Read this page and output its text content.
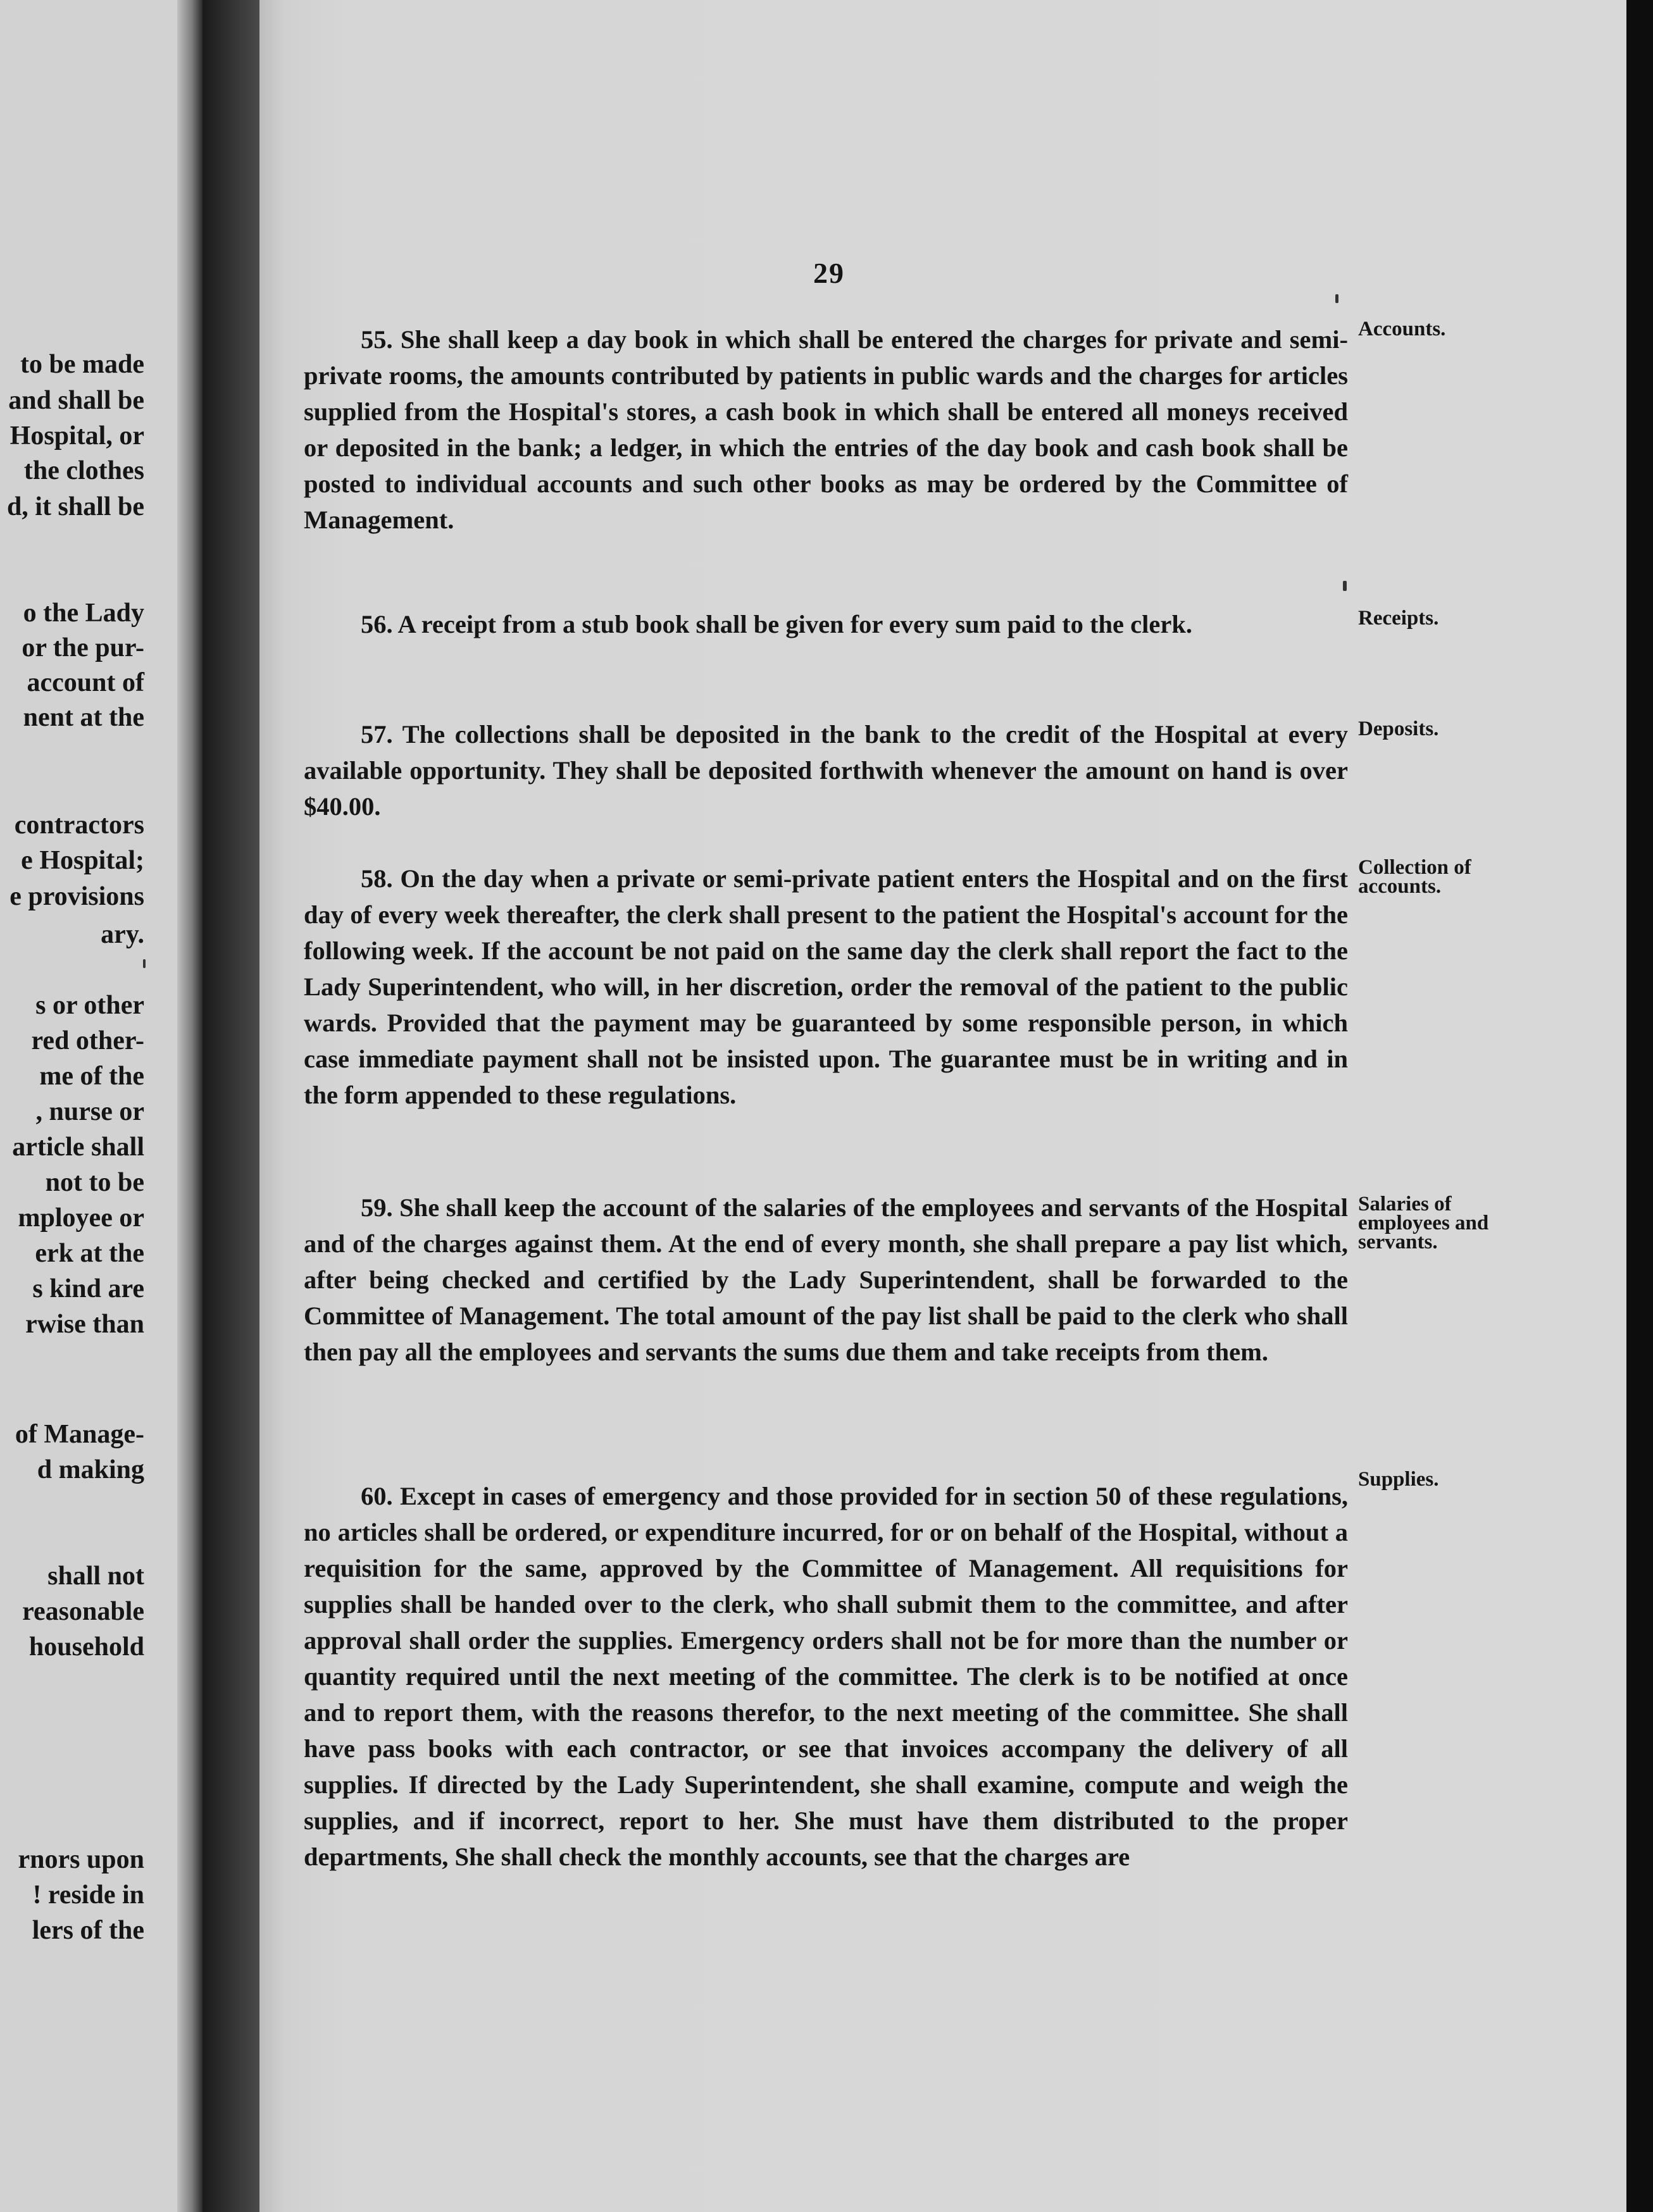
to be made
and shall be
Hospital, or
the clothes
d, it shall be
o the Lady
or the pur-
account of
nent at the
contractors
e Hospital;
e provisions
ary.
s or other
red other-
me of the
, nurse or
article shall
not to be
mployee or
erk at the
s kind are
rwise than
of Manage-
d making
shall not
reasonable
household
rnors upon
! reside in
lers of the
29
55. She shall keep a day book in which shall be entered the charges for private and semi-private rooms, the amounts contributed by patients in public wards and the charges for articles supplied from the Hospital's stores, a cash book in which shall be entered all moneys received or deposited in the bank; a ledger, in which the entries of the day book and cash book shall be posted to individual accounts and such other books as may be ordered by the Committee of Management.
Accounts.
56. A receipt from a stub book shall be given for every sum paid to the clerk.	Receipts.
57. The collections shall be deposited in the bank to the credit of the Hospital at every available opportunity. They shall be deposited forthwith whenever the amount on hand is over $40.00.
Deposits.
58. On the day when a private or semi-private patient enters the Hospital and on the first day of every week thereafter, the clerk shall present to the patient the Hospital's account for the following week. If the account be not paid on the same day the clerk shall report the fact to the Lady Superintendent, who will, in her discretion, order the removal of the patient to the public wards. Provided that the payment may be guaranteed by some responsible person, in which case immediate payment shall not be insisted upon. The guarantee must be in writing and in the form appended to these regulations.
Collection of accounts.
59. She shall keep the account of the salaries of the employees and servants of the Hospital and of the charges against them. At the end of every month, she shall prepare a pay list which, after being checked and certified by the Lady Superintendent, shall be forwarded to the Committee of Management. The total amount of the pay list shall be paid to the clerk who shall then pay all the employees and servants the sums due them and take receipts from them.
Salaries of employees and servants.
60. Except in cases of emergency and those provided for in section 50 of these regulations, no articles shall be ordered, or expenditure incurred, for or on behalf of the Hospital, without a requisition for the same, approved by the Committee of Management. All requisitions for supplies shall be handed over to the clerk, who shall submit them to the committee, and after approval shall order the supplies. Emergency orders shall not be for more than the number or quantity required until the next meeting of the committee. The clerk is to be notified at once and to report them, with the reasons therefor, to the next meeting of the committee. She shall have pass books with each contractor, or see that invoices accompany the delivery of all supplies. If directed by the Lady Superintendent, she shall examine, compute and weigh the supplies, and if incorrect, report to her. She must have them distributed to the proper departments, She shall check the monthly accounts, see that the charges are
Supplies.
